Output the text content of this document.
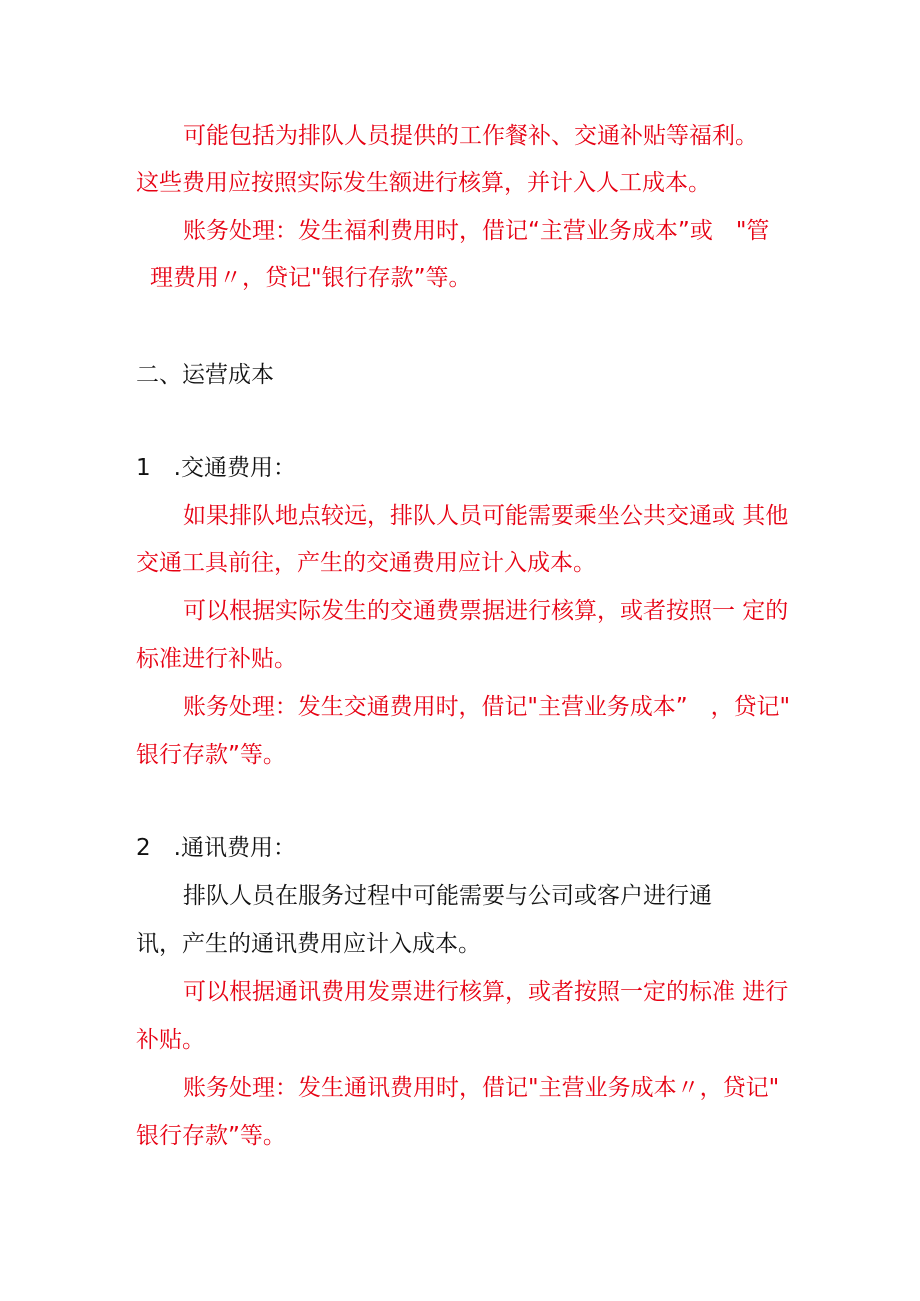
可能包括为排队人员提供的工作餐补、交通补贴等福利。
这些费用应按照实际发生额进行核算，并计入人工成本。
账务处理：发生福利费用时，借记“主营业务成本”或　"管
理费用〃，贷记"银行存款”等。
二、运营成本
1　.交通费用：
如果排队地点较远，排队人员可能需要乘坐公共交通或 其他
交通工具前往，产生的交通费用应计入成本。
可以根据实际发生的交通费票据进行核算，或者按照一 定的
标准进行补贴。
账务处理：发生交通费用时，借记"主营业务成本”　，贷记"
银行存款”等。
2　.通讯费用：
排队人员在服务过程中可能需要与公司或客户进行通
讯，产生的通讯费用应计入成本。
可以根据通讯费用发票进行核算，或者按照一定的标准 进行
补贴。
账务处理：发生通讯费用时，借记"主营业务成本〃，贷记"
银行存款”等。
